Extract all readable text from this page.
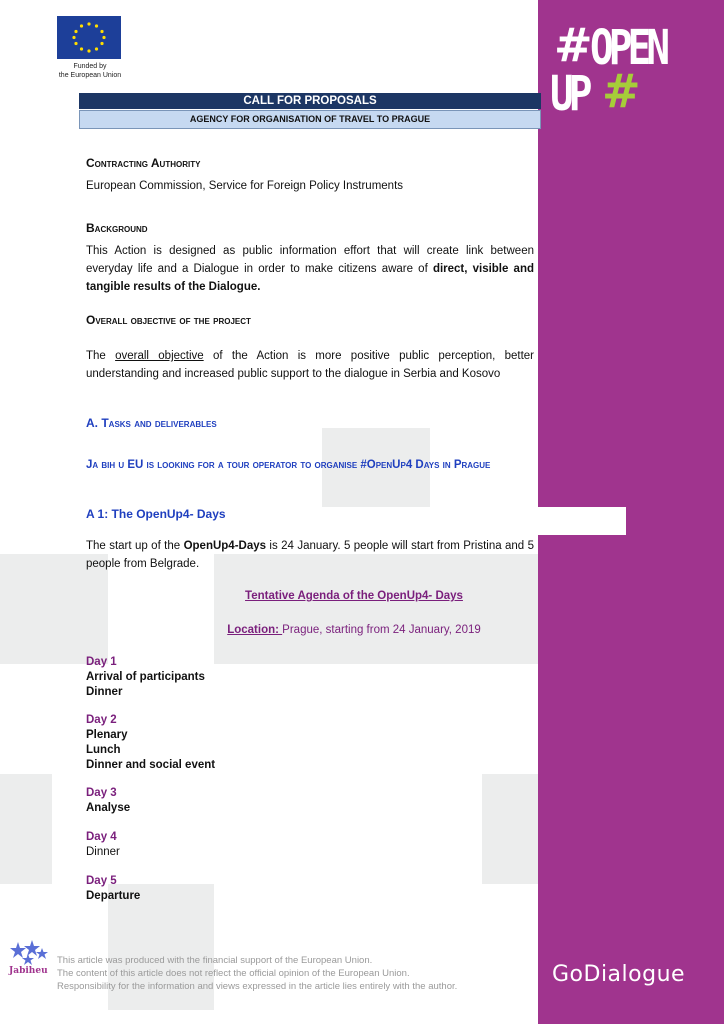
# OPEN
UP #
GoDialogue
Funded by
the European Union
CALL FOR PROPOSALS
AGENCY FOR ORGANISATION OF TRAVEL TO PRAGUE
Contracting Authority
European Commission, Service for Foreign Policy Instruments
Background
This Action is designed as public information effort that will create link between everyday life and a Dialogue in order to make citizens aware of direct, visible and tangible results of the Dialogue.
Overall objective of the project
The overall objective of the Action is more positive public perception, better understanding and increased public support to the dialogue in Serbia and Kosovo
A. Tasks and deliverables
Ja bih u EU is looking for a tour operator to organise #OpenUp4 Days in Prague
A 1: The OpenUp4- Days
The start up of the OpenUp4-Days is 24 January. 5 people will start from Pristina and 5 people from Belgrade.
Tentative Agenda of the OpenUp4- Days
Location: Prague, starting from 24 January, 2019
Day 1
Arrival of participants
Dinner
Day 2
Plenary
Lunch
Dinner and social event
Day 3
Analyse
Day 4
Dinner
Day 5
Departure
Jabiheu
This article was produced with the financial support of the European Union.
The content of this article does not reflect the official opinion of the European Union.
Responsibility for the information and views expressed in the article lies entirely with the author.
